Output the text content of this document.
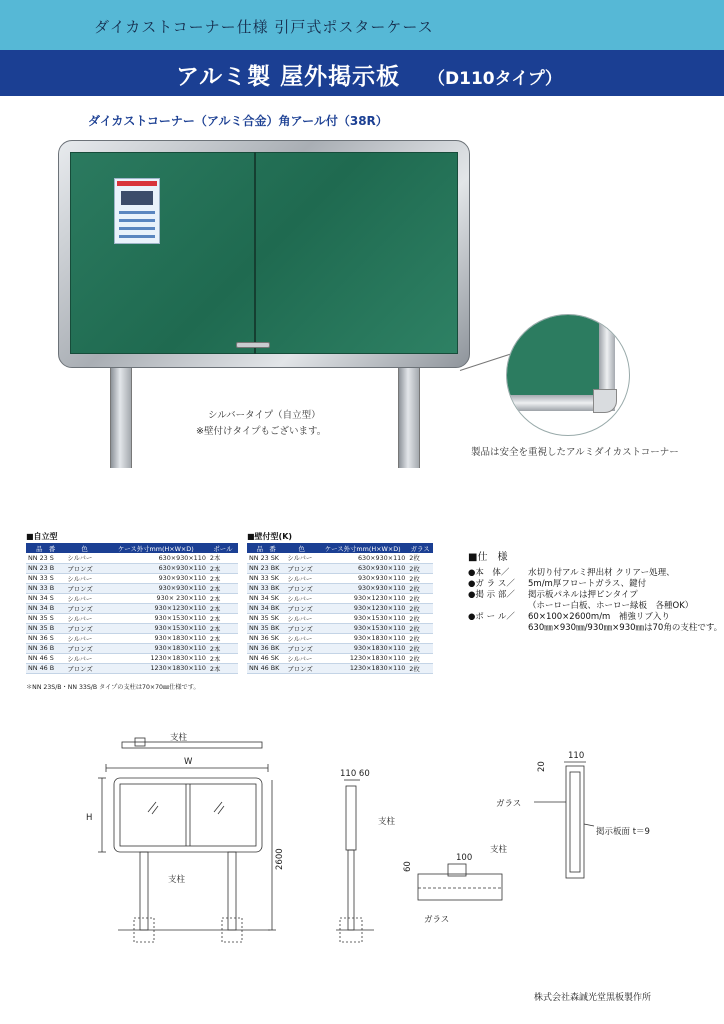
ダイカストコーナー仕様 引戸式ポスターケース
アルミ製 屋外掲示板 （D110タイプ）
ダイカストコーナー（アルミ合金）角アール付（38R）
シルバータイプ（自立型）
※壁付けタイプもございます。
製品は安全を重視したアルミダイカストコーナー
■自立型
品　番	色	ケース外寸mm(H×W×D)	ポール
NN 23 S	シルバー	630×930×110	2本
NN 23 B	ブロンズ	630×930×110	2本
NN 33 S	シルバー	930×930×110	2本
NN 33 B	ブロンズ	930×930×110	2本
NN 34 S	シルバー	930× 230×110	2本
NN 34 B	ブロンズ	930×1230×110	2本
NN 35 S	シルバー	930×1530×110	2本
NN 35 B	ブロンズ	930×1530×110	2本
NN 36 S	シルバー	930×1830×110	2本
NN 36 B	ブロンズ	930×1830×110	2本
NN 46 S	シルバー	1230×1830×110	2本
NN 46 B	ブロンズ	1230×1830×110	2本
＊NN 23S/B・NN 33S/B タイプの支柱は70×70㎜仕様です。
■壁付型(K)
品　番	色	ケース外寸mm(H×W×D)	ガラス
NN 23 SK	シルバー	630×930×110	2枚
NN 23 BK	ブロンズ	630×930×110	2枚
NN 33 SK	シルバー	930×930×110	2枚
NN 33 BK	ブロンズ	930×930×110	2枚
NN 34 SK	シルバー	930×1230×110	2枚
NN 34 BK	ブロンズ	930×1230×110	2枚
NN 35 SK	シルバー	930×1530×110	2枚
NN 35 BK	ブロンズ	930×1530×110	2枚
NN 36 SK	シルバー	930×1830×110	2枚
NN 36 BK	ブロンズ	930×1830×110	2枚
NN 46 SK	シルバー	1230×1830×110	2枚
NN 46 BK	ブロンズ	1230×1830×110	2枚
■仕　様
●本　体／ 水切り付アルミ押出材 クリアー処理、
●ガ ラ ス／ 5m/m厚フロートガラス、鍵付
●掲 示 部／ 掲示板パネルは押ピンタイプ
（ホーロー白板、ホーロー緑板　各種OK）
●ポ ー ル／ 60×100×2600m/m　補強リブ入り
630㎜×930㎜/930㎜×930㎜は70角の支柱です。
支柱
W
H
支柱
2600
110 60
支柱
100
支柱
60
ガラス
110
20
ガラス
掲示板面 t＝9
株式会社森誠光堂黒板製作所
